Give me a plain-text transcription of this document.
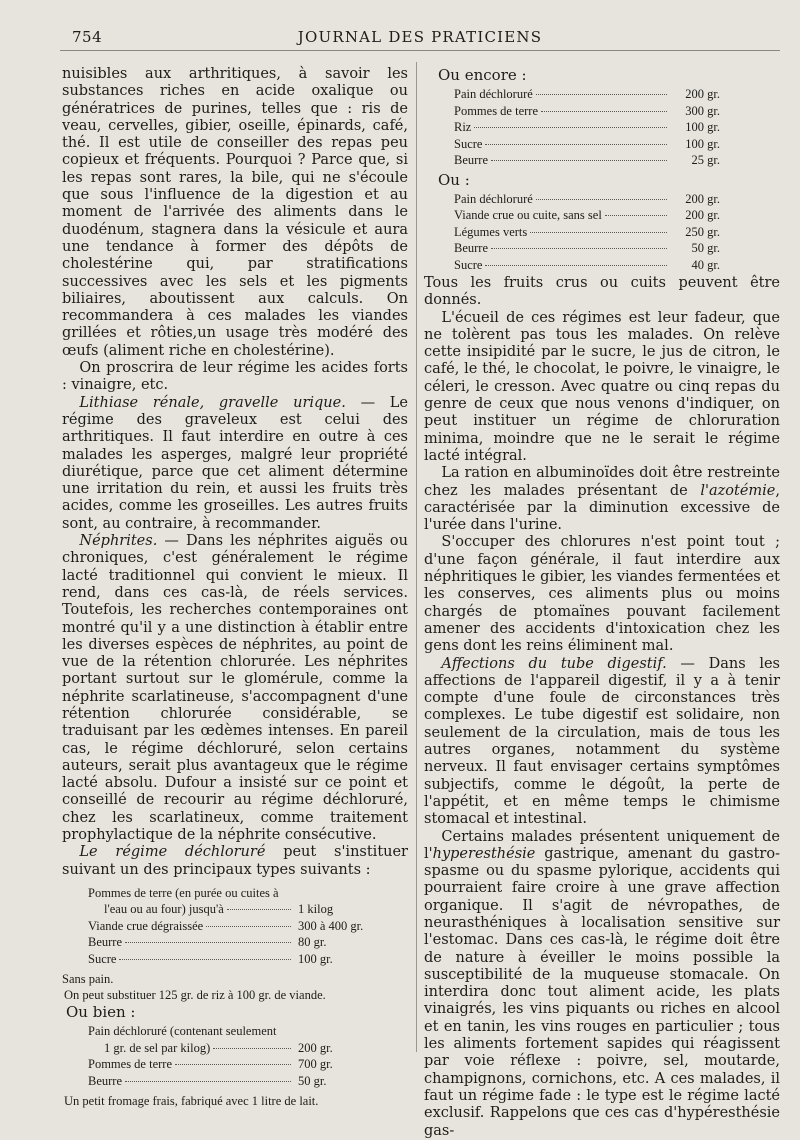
754	JOURNAL DES PRATICIENS

nuisibles aux arthritiques, à savoir les substances riches en acide oxalique ou génératrices de purines, telles que : ris de veau, cervelles, gibier, oseille, épinards, café, thé. Il est utile de conseiller des repas peu copieux et fréquents. Pourquoi ? Parce que, si les repas sont rares, la bile, qui ne s'écoule que sous l'influence de la digestion et au moment de l'arrivée des aliments dans le duodénum, stagnera dans la vésicule et aura une tendance à former des dépôts de cholestérine qui, par stratifications successives avec les sels et les pigments biliaires, aboutissent aux calculs. On recommandera à ces malades les viandes grillées et rôties,un usage très modéré des œufs (aliment riche en cholestérine).

On proscrira de leur régime les acides forts : vinaigre, etc.

Lithiase rénale, gravelle urique. — Le régime des graveleux est celui des arthritiques. Il faut interdire en outre à ces malades les asperges, malgré leur propriété diurétique, parce que cet aliment détermine une irritation du rein, et aussi les fruits très acides, comme les groseilles. Les autres fruits sont, au contraire, à recommander.

Néphrites. — Dans les néphrites aiguës ou chroniques, c'est généralement le régime lacté traditionnel qui convient le mieux. Il rend, dans ces cas-là, de réels services. Toutefois, les recherches contemporaines ont montré qu'il y a une distinction à établir entre les diverses espèces de néphrites, au point de vue de la rétention chlorurée. Les néphrites portant surtout sur le glomérule, comme la néphrite scarlatineuse, s'accompagnent d'une rétention chlorurée considérable, se traduisant par les œdèmes intenses. En pareil cas, le régime déchloruré, selon certains auteurs, serait plus avantageux que le régime lacté absolu. Dufour a insisté sur ce point et conseillé de recourir au régime déchloruré, chez les scarlatineux, comme traitement prophylactique de la néphrite consécutive.

Le régime déchloruré peut s'instituer suivant un des principaux types suivants :

Pommes de terre (en purée ou cuites à
l'eau ou au four) jusqu'à	1 kilog
Viande crue dégraissée	300 à 400 gr.
Beurre	80 gr.
Sucre	100 gr.

Sans pain.

On peut substituer 125 gr. de riz à 100 gr. de viande.

Ou bien :

Pain déchloruré (contenant seulement
1 gr. de sel par kilog)	200 gr.
Pommes de terre	700 gr.
Beurre	50 gr.

Un petit fromage frais, fabriqué avec 1 litre de lait.

Ou encore :

Pain déchloruré	200 gr.
Pommes de terre	300 gr.
Riz	100 gr.
Sucre	100 gr.
Beurre	25 gr.

Ou :

Pain déchloruré	200 gr.
Viande crue ou cuite, sans sel	200 gr.
Légumes verts	250 gr.
Beurre	50 gr.
Sucre	40 gr.

Tous les fruits crus ou cuits peuvent être donnés.

L'écueil de ces régimes est leur fadeur, que ne tolèrent pas tous les malades. On relève cette insipidité par le sucre, le jus de citron, le café, le thé, le chocolat, le poivre, le vinaigre, le céleri, le cresson. Avec quatre ou cinq repas du genre de ceux que nous venons d'indiquer, on peut instituer un régime de chloruration minima, moindre que ne le serait le régime lacté intégral.

La ration en albuminoïdes doit être restreinte chez les malades présentant de l'azotémie, caractérisée par la diminution excessive de l'urée dans l'urine.

S'occuper des chlorures n'est point tout ; d'une façon générale, il faut interdire aux néphritiques le gibier, les viandes fermentées et les conserves, ces aliments plus ou moins chargés de ptomaïnes pouvant facilement amener des accidents d'intoxication chez les gens dont les reins éliminent mal.

Affections du tube digestif. — Dans les affections de l'appareil digestif, il y a à tenir compte d'une foule de circonstances très complexes. Le tube digestif est solidaire, non seulement de la circulation, mais de tous les autres organes, notamment du système nerveux. Il faut envisager certains symptômes subjectifs, comme le dégoût, la perte de l'appétit, et en même temps le chimisme stomacal et intestinal.

Certains malades présentent uniquement de l'hyperesthésie gastrique, amenant du gastro-spasme ou du spasme pylorique, accidents qui pourraient faire croire à une grave affection organique. Il s'agit de névropathes, de neurasthéniques à localisation sensitive sur l'estomac. Dans ces cas-là, le régime doit être de nature à éveiller le moins possible la susceptibilité de la muqueuse stomacale. On interdira donc tout aliment acide, les plats vinaigrés, les vins piquants ou riches en alcool et en tanin, les vins rouges en particulier ; tous les aliments fortement sapides qui réagissent par voie réflexe : poivre, sel, moutarde, champignons, cornichons, etc. A ces malades, il faut un régime fade : le type est le régime lacté exclusif. Rappelons que ces cas d'hypéresthésie gas-
